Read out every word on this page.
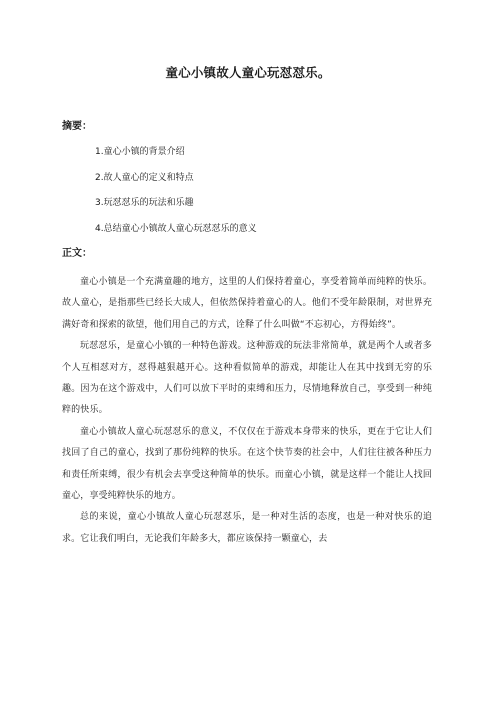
童心小镇故人童心玩怼怼乐。
摘要：
1.童心小镇的背景介绍
2.故人童心的定义和特点
3.玩怼怼乐的玩法和乐趣
4.总结童心小镇故人童心玩怼怼乐的意义
正文：

童心小镇是一个充满童趣的地方，这里的人们保持着童心，享受着简单而纯粹的快乐。故人童心，是指那些已经长大成人，但依然保持着童心的人。他们不受年龄限制，对世界充满好奇和探索的欲望，他们用自己的方式，诠释了什么叫做“不忘初心，方得始终”。

玩怼怼乐，是童心小镇的一种特色游戏。这种游戏的玩法非常简单，就是两个人或者多个人互相怼对方，怼得越狠越开心。这种看似简单的游戏，却能让人在其中找到无穷的乐趣。因为在这个游戏中，人们可以放下平时的束缚和压力，尽情地释放自己，享受到一种纯粹的快乐。

童心小镇故人童心玩怼怼乐的意义，不仅仅在于游戏本身带来的快乐，更在于它让人们找回了自己的童心，找到了那份纯粹的快乐。在这个快节奏的社会中，人们往往被各种压力和责任所束缚，很少有机会去享受这种简单的快乐。而童心小镇，就是这样一个能让人找回童心，享受纯粹快乐的地方。

总的来说，童心小镇故人童心玩怼怼乐，是一种对生活的态度，也是一种对快乐的追求。它让我们明白，无论我们年龄多大，都应该保持一颗童心，去
